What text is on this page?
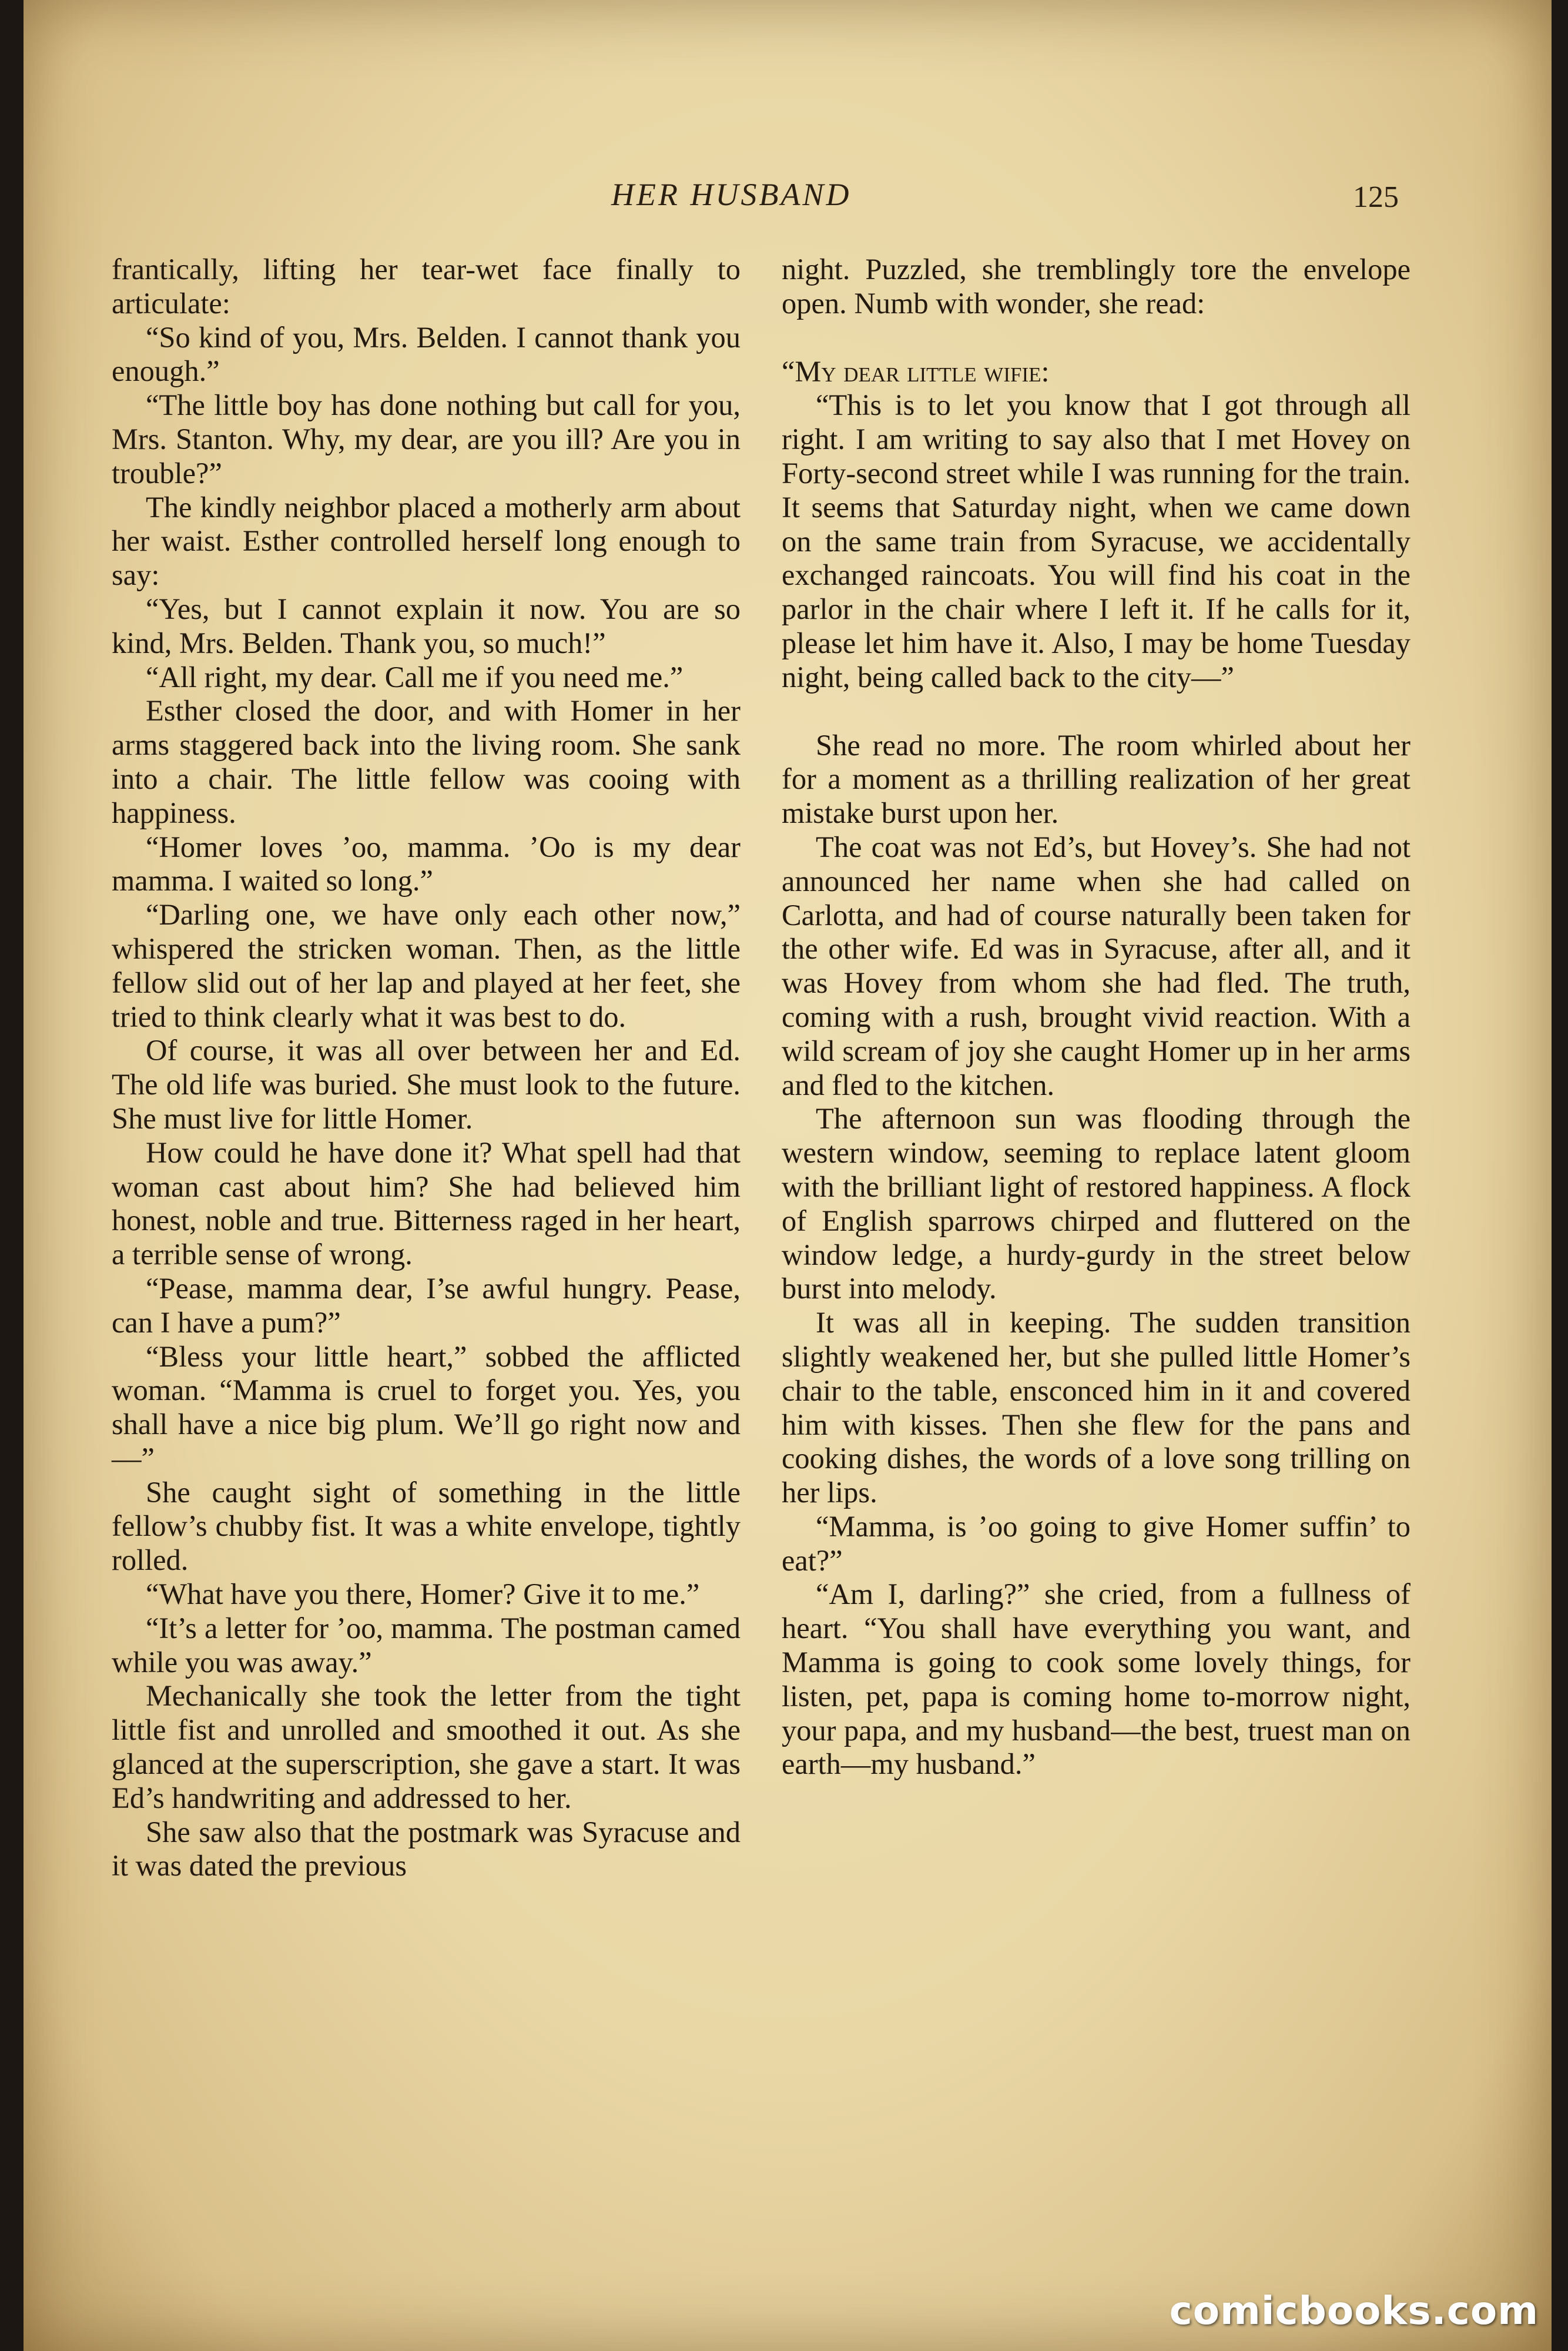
HER HUSBAND	125

frantically, lifting her tear-wet face finally to articulate:

“So kind of you, Mrs. Belden. I cannot thank you enough.”

“The little boy has done nothing but call for you, Mrs. Stanton. Why, my dear, are you ill? Are you in trouble?”

The kindly neighbor placed a motherly arm about her waist. Esther controlled herself long enough to say:

“Yes, but I cannot explain it now. You are so kind, Mrs. Belden. Thank you, so much!”

“All right, my dear. Call me if you need me.”

Esther closed the door, and with Homer in her arms staggered back into the living room. She sank into a chair. The little fellow was cooing with happiness.

“Homer loves ’oo, mamma. ’Oo is my dear mamma. I waited so long.”

“Darling one, we have only each other now,” whispered the stricken woman. Then, as the little fellow slid out of her lap and played at her feet, she tried to think clearly what it was best to do.

Of course, it was all over between her and Ed. The old life was buried. She must look to the future. She must live for little Homer.

How could he have done it? What spell had that woman cast about him? She had believed him honest, noble and true. Bitterness raged in her heart, a terrible sense of wrong.

“Pease, mamma dear, I’se awful hungry. Pease, can I have a pum?”

“Bless your little heart,” sobbed the afflicted woman. “Mamma is cruel to forget you. Yes, you shall have a nice big plum. We’ll go right now and—”

She caught sight of something in the little fellow’s chubby fist. It was a white envelope, tightly rolled.

“What have you there, Homer? Give it to me.”

“It’s a letter for ’oo, mamma. The postman camed while you was away.”

Mechanically she took the letter from the tight little fist and unrolled and smoothed it out. As she glanced at the superscription, she gave a start. It was Ed’s handwriting and addressed to her.

She saw also that the postmark was Syracuse and it was dated the previous

night. Puzzled, she tremblingly tore the envelope open. Numb with wonder, she read:

“My dear little wifie:

“This is to let you know that I got through all right. I am writing to say also that I met Hovey on Forty-second street while I was running for the train. It seems that Saturday night, when we came down on the same train from Syracuse, we accidentally exchanged raincoats. You will find his coat in the parlor in the chair where I left it. If he calls for it, please let him have it. Also, I may be home Tuesday night, being called back to the city—”

She read no more. The room whirled about her for a moment as a thrilling realization of her great mistake burst upon her.

The coat was not Ed’s, but Hovey’s. She had not announced her name when she had called on Carlotta, and had of course naturally been taken for the other wife. Ed was in Syracuse, after all, and it was Hovey from whom she had fled. The truth, coming with a rush, brought vivid reaction. With a wild scream of joy she caught Homer up in her arms and fled to the kitchen.

The afternoon sun was flooding through the western window, seeming to replace latent gloom with the brilliant light of restored happiness. A flock of English sparrows chirped and fluttered on the window ledge, a hurdy-gurdy in the street below burst into melody.

It was all in keeping. The sudden transition slightly weakened her, but she pulled little Homer’s chair to the table, ensconced him in it and covered him with kisses. Then she flew for the pans and cooking dishes, the words of a love song trilling on her lips.

“Mamma, is ’oo going to give Homer suffin’ to eat?”

“Am I, darling?” she cried, from a fullness of heart. “You shall have everything you want, and Mamma is going to cook some lovely things, for listen, pet, papa is coming home to-morrow night, your papa, and my husband—the best, truest man on earth—my husband.”

comicbooks.com
